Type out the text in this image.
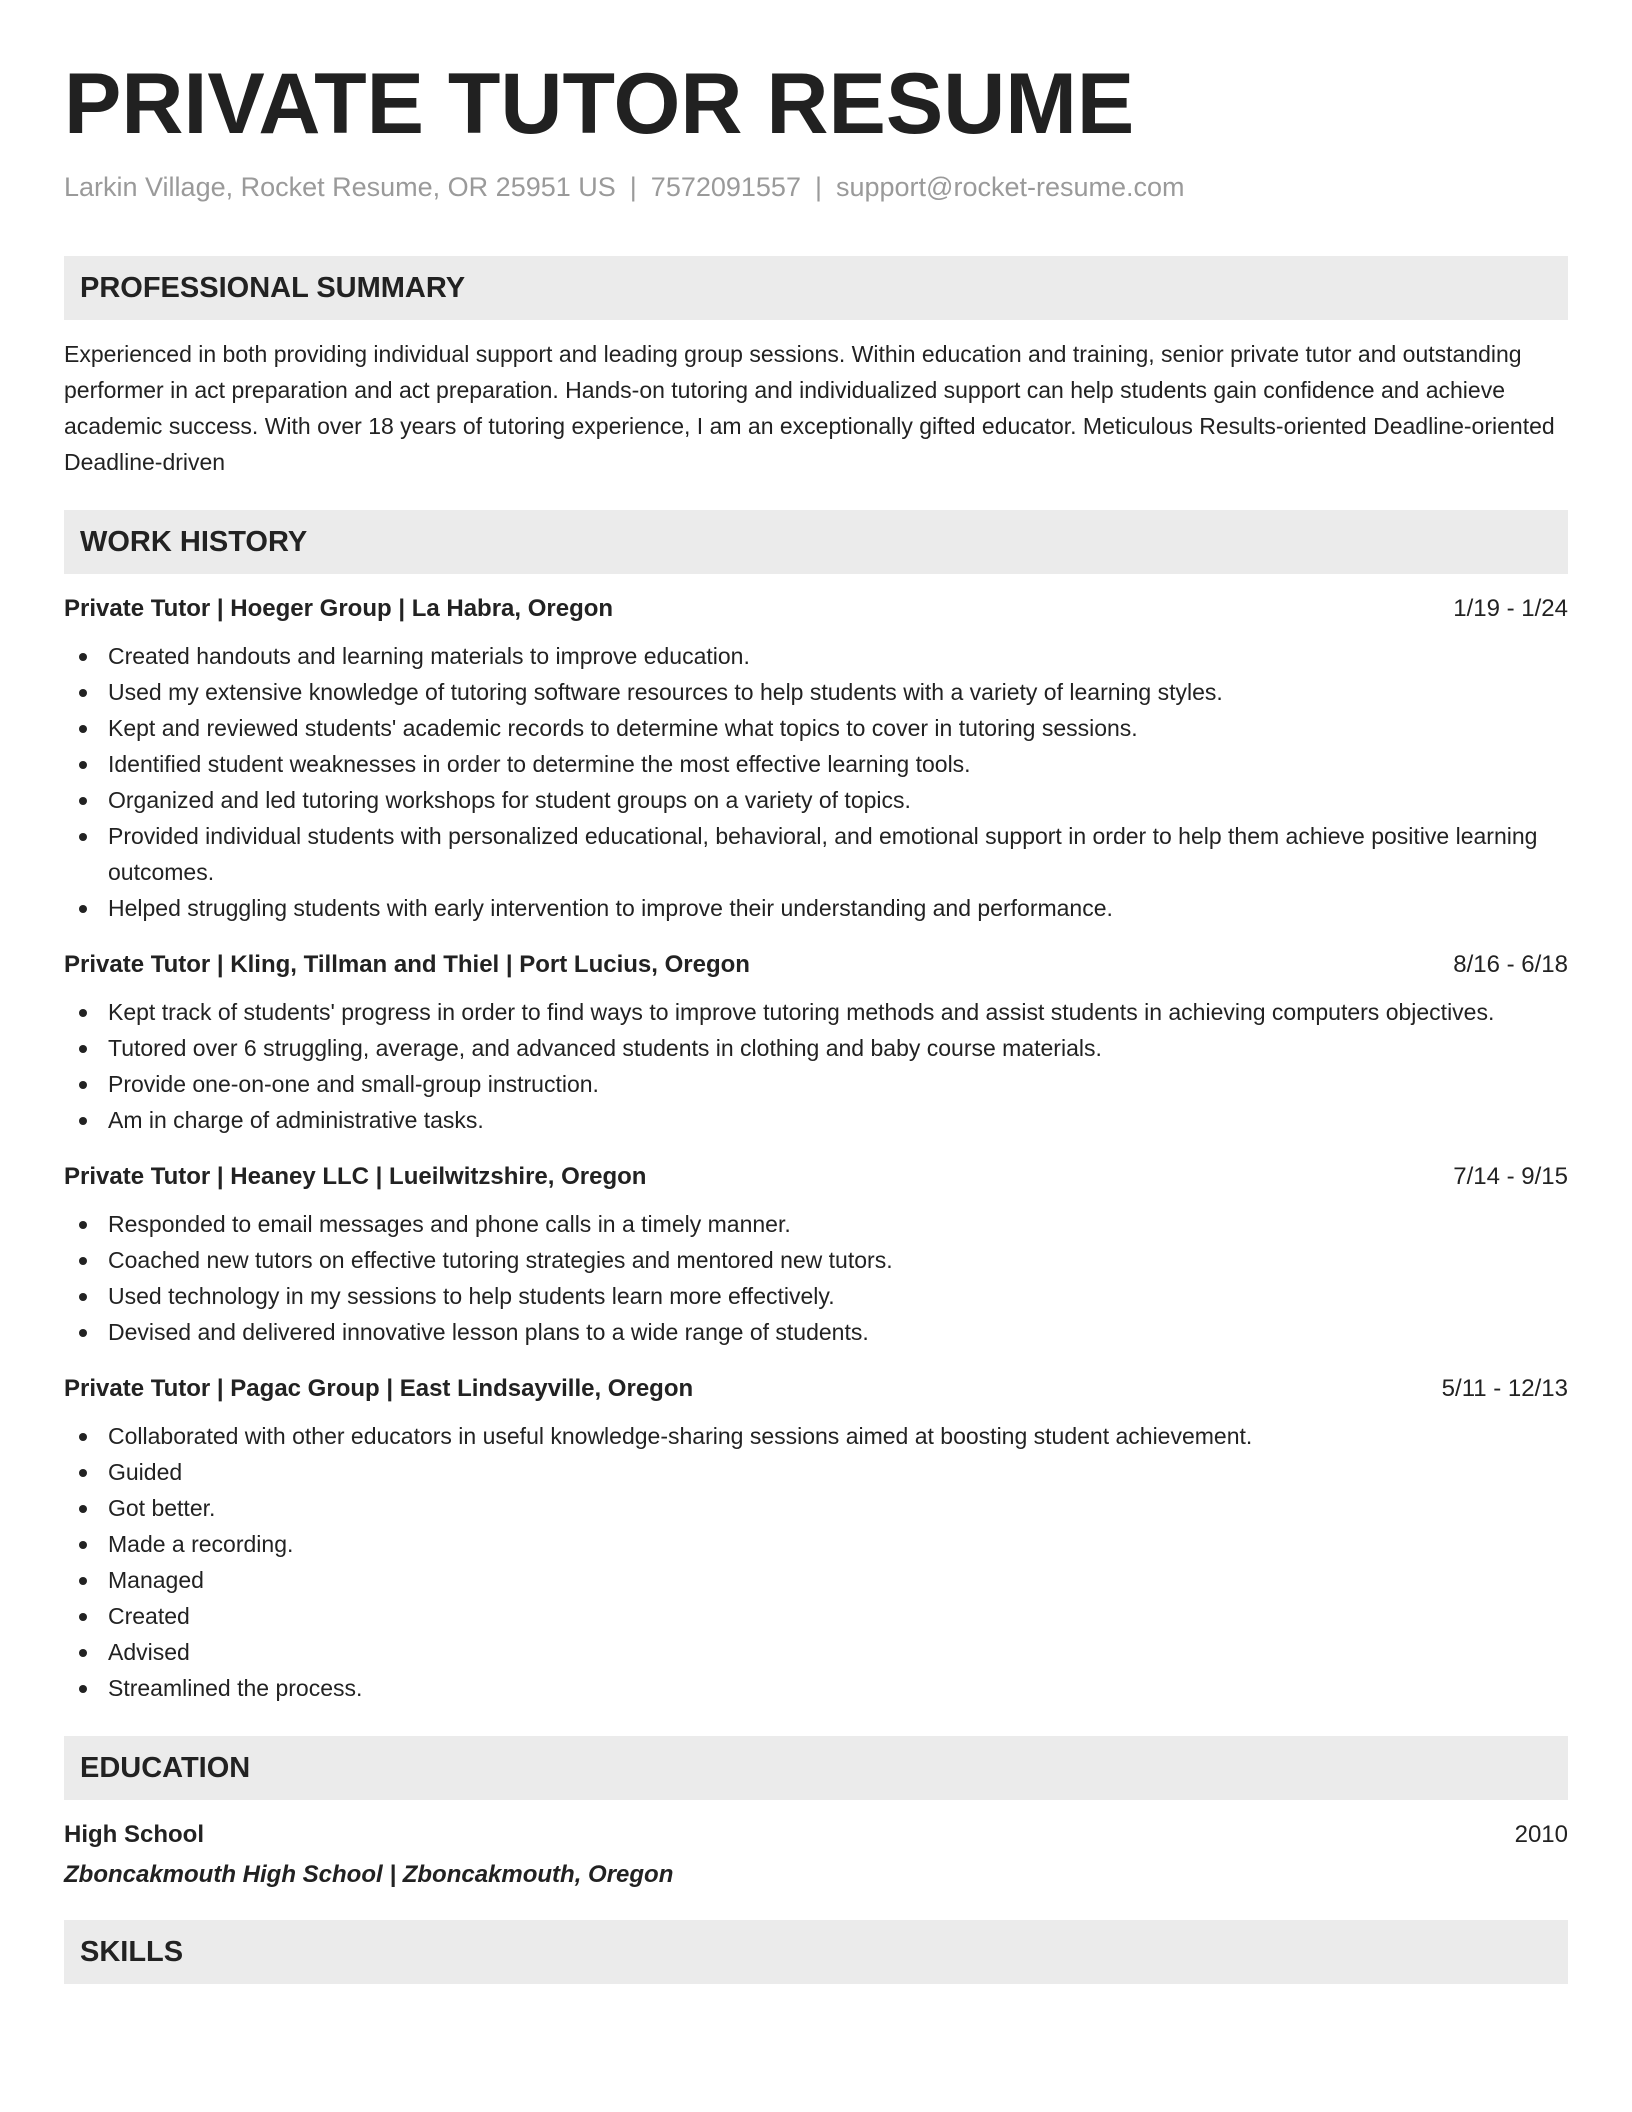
PRIVATE TUTOR RESUME
Larkin Village, Rocket Resume, OR 25951 US | 7572091557 | support@rocket-resume.com
PROFESSIONAL SUMMARY
Experienced in both providing individual support and leading group sessions. Within education and training, senior private tutor and outstanding performer in act preparation and act preparation. Hands-on tutoring and individualized support can help students gain confidence and achieve academic success. With over 18 years of tutoring experience, I am an exceptionally gifted educator. Meticulous Results-oriented Deadline-oriented Deadline-driven
WORK HISTORY
Private Tutor | Hoeger Group | La Habra, Oregon	1/19 - 1/24
Created handouts and learning materials to improve education.
Used my extensive knowledge of tutoring software resources to help students with a variety of learning styles.
Kept and reviewed students' academic records to determine what topics to cover in tutoring sessions.
Identified student weaknesses in order to determine the most effective learning tools.
Organized and led tutoring workshops for student groups on a variety of topics.
Provided individual students with personalized educational, behavioral, and emotional support in order to help them achieve positive learning outcomes.
Helped struggling students with early intervention to improve their understanding and performance.
Private Tutor | Kling, Tillman and Thiel | Port Lucius, Oregon	8/16 - 6/18
Kept track of students' progress in order to find ways to improve tutoring methods and assist students in achieving computers objectives.
Tutored over 6 struggling, average, and advanced students in clothing and baby course materials.
Provide one-on-one and small-group instruction.
Am in charge of administrative tasks.
Private Tutor | Heaney LLC | Lueilwitzshire, Oregon	7/14 - 9/15
Responded to email messages and phone calls in a timely manner.
Coached new tutors on effective tutoring strategies and mentored new tutors.
Used technology in my sessions to help students learn more effectively.
Devised and delivered innovative lesson plans to a wide range of students.
Private Tutor | Pagac Group | East Lindsayville, Oregon	5/11 - 12/13
Collaborated with other educators in useful knowledge-sharing sessions aimed at boosting student achievement.
Guided
Got better.
Made a recording.
Managed
Created
Advised
Streamlined the process.
EDUCATION
High School	2010
Zboncakmouth High School | Zboncakmouth, Oregon
SKILLS
